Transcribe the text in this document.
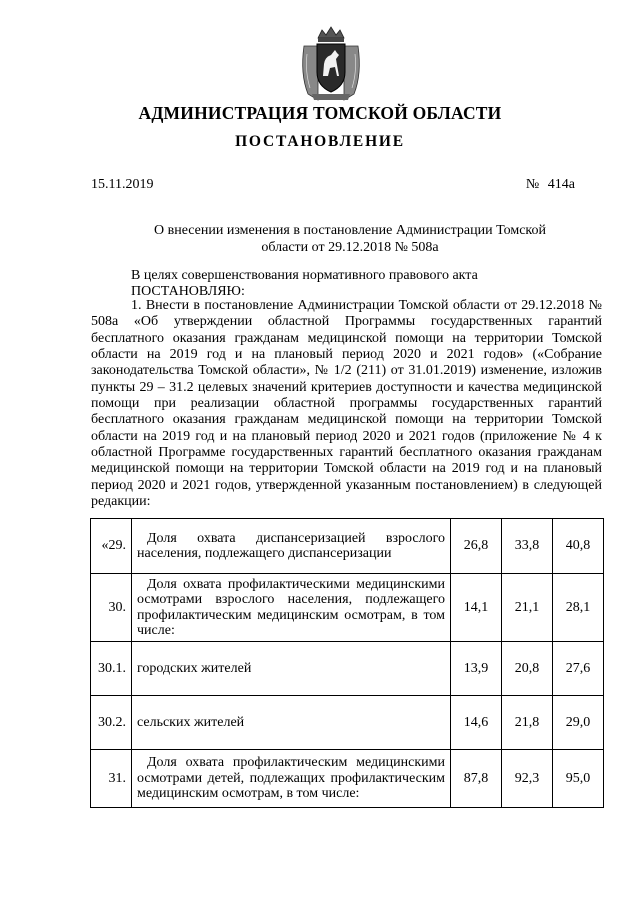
АДМИНИСТРАЦИЯ ТОМСКОЙ ОБЛАСТИ
ПОСТАНОВЛЕНИЕ
15.11.2019	№ 414а
О внесении изменения в постановление Администрации Томской области от 29.12.2018 № 508а
В целях совершенствования нормативного правового акта
ПОСТАНОВЛЯЮ:
1. Внести в постановление Администрации Томской области от 29.12.2018 № 508а «Об утверждении областной Программы государственных гарантий бесплатного оказания гражданам медицинской помощи на территории Томской области на 2019 год и на плановый период 2020 и 2021 годов» («Собрание законодательства Томской области», № 1/2 (211) от 31.01.2019) изменение, изложив пункты 29 – 31.2 целевых значений критериев доступности и качества медицинской помощи при реализации областной программы государственных гарантий бесплатного оказания гражданам медицинской помощи на территории Томской области на 2019 год и на плановый период 2020 и 2021 годов (приложение № 4 к областной Программе государственных гарантий бесплатного оказания гражданам медицинской помощи на территории Томской области на 2019 год и на плановый период 2020 и 2021 годов, утвержденной указанным постановлением) в следующей редакции:
«29.	Доля охвата диспансеризацией взрослого населения, подлежащего диспансеризации	26,8	33,8	40,8
30.	Доля охвата профилактическими медицинскими осмотрами взрослого населения, подлежащего профилактическим медицинским осмотрам, в том числе:	14,1	21,1	28,1
30.1.	городских жителей	13,9	20,8	27,6
30.2.	сельских жителей	14,6	21,8	29,0
31.	Доля охвата профилактическим медицинскими осмотрами детей, подлежащих профилактическим медицинским осмотрам, в том числе:	87,8	92,3	95,0
